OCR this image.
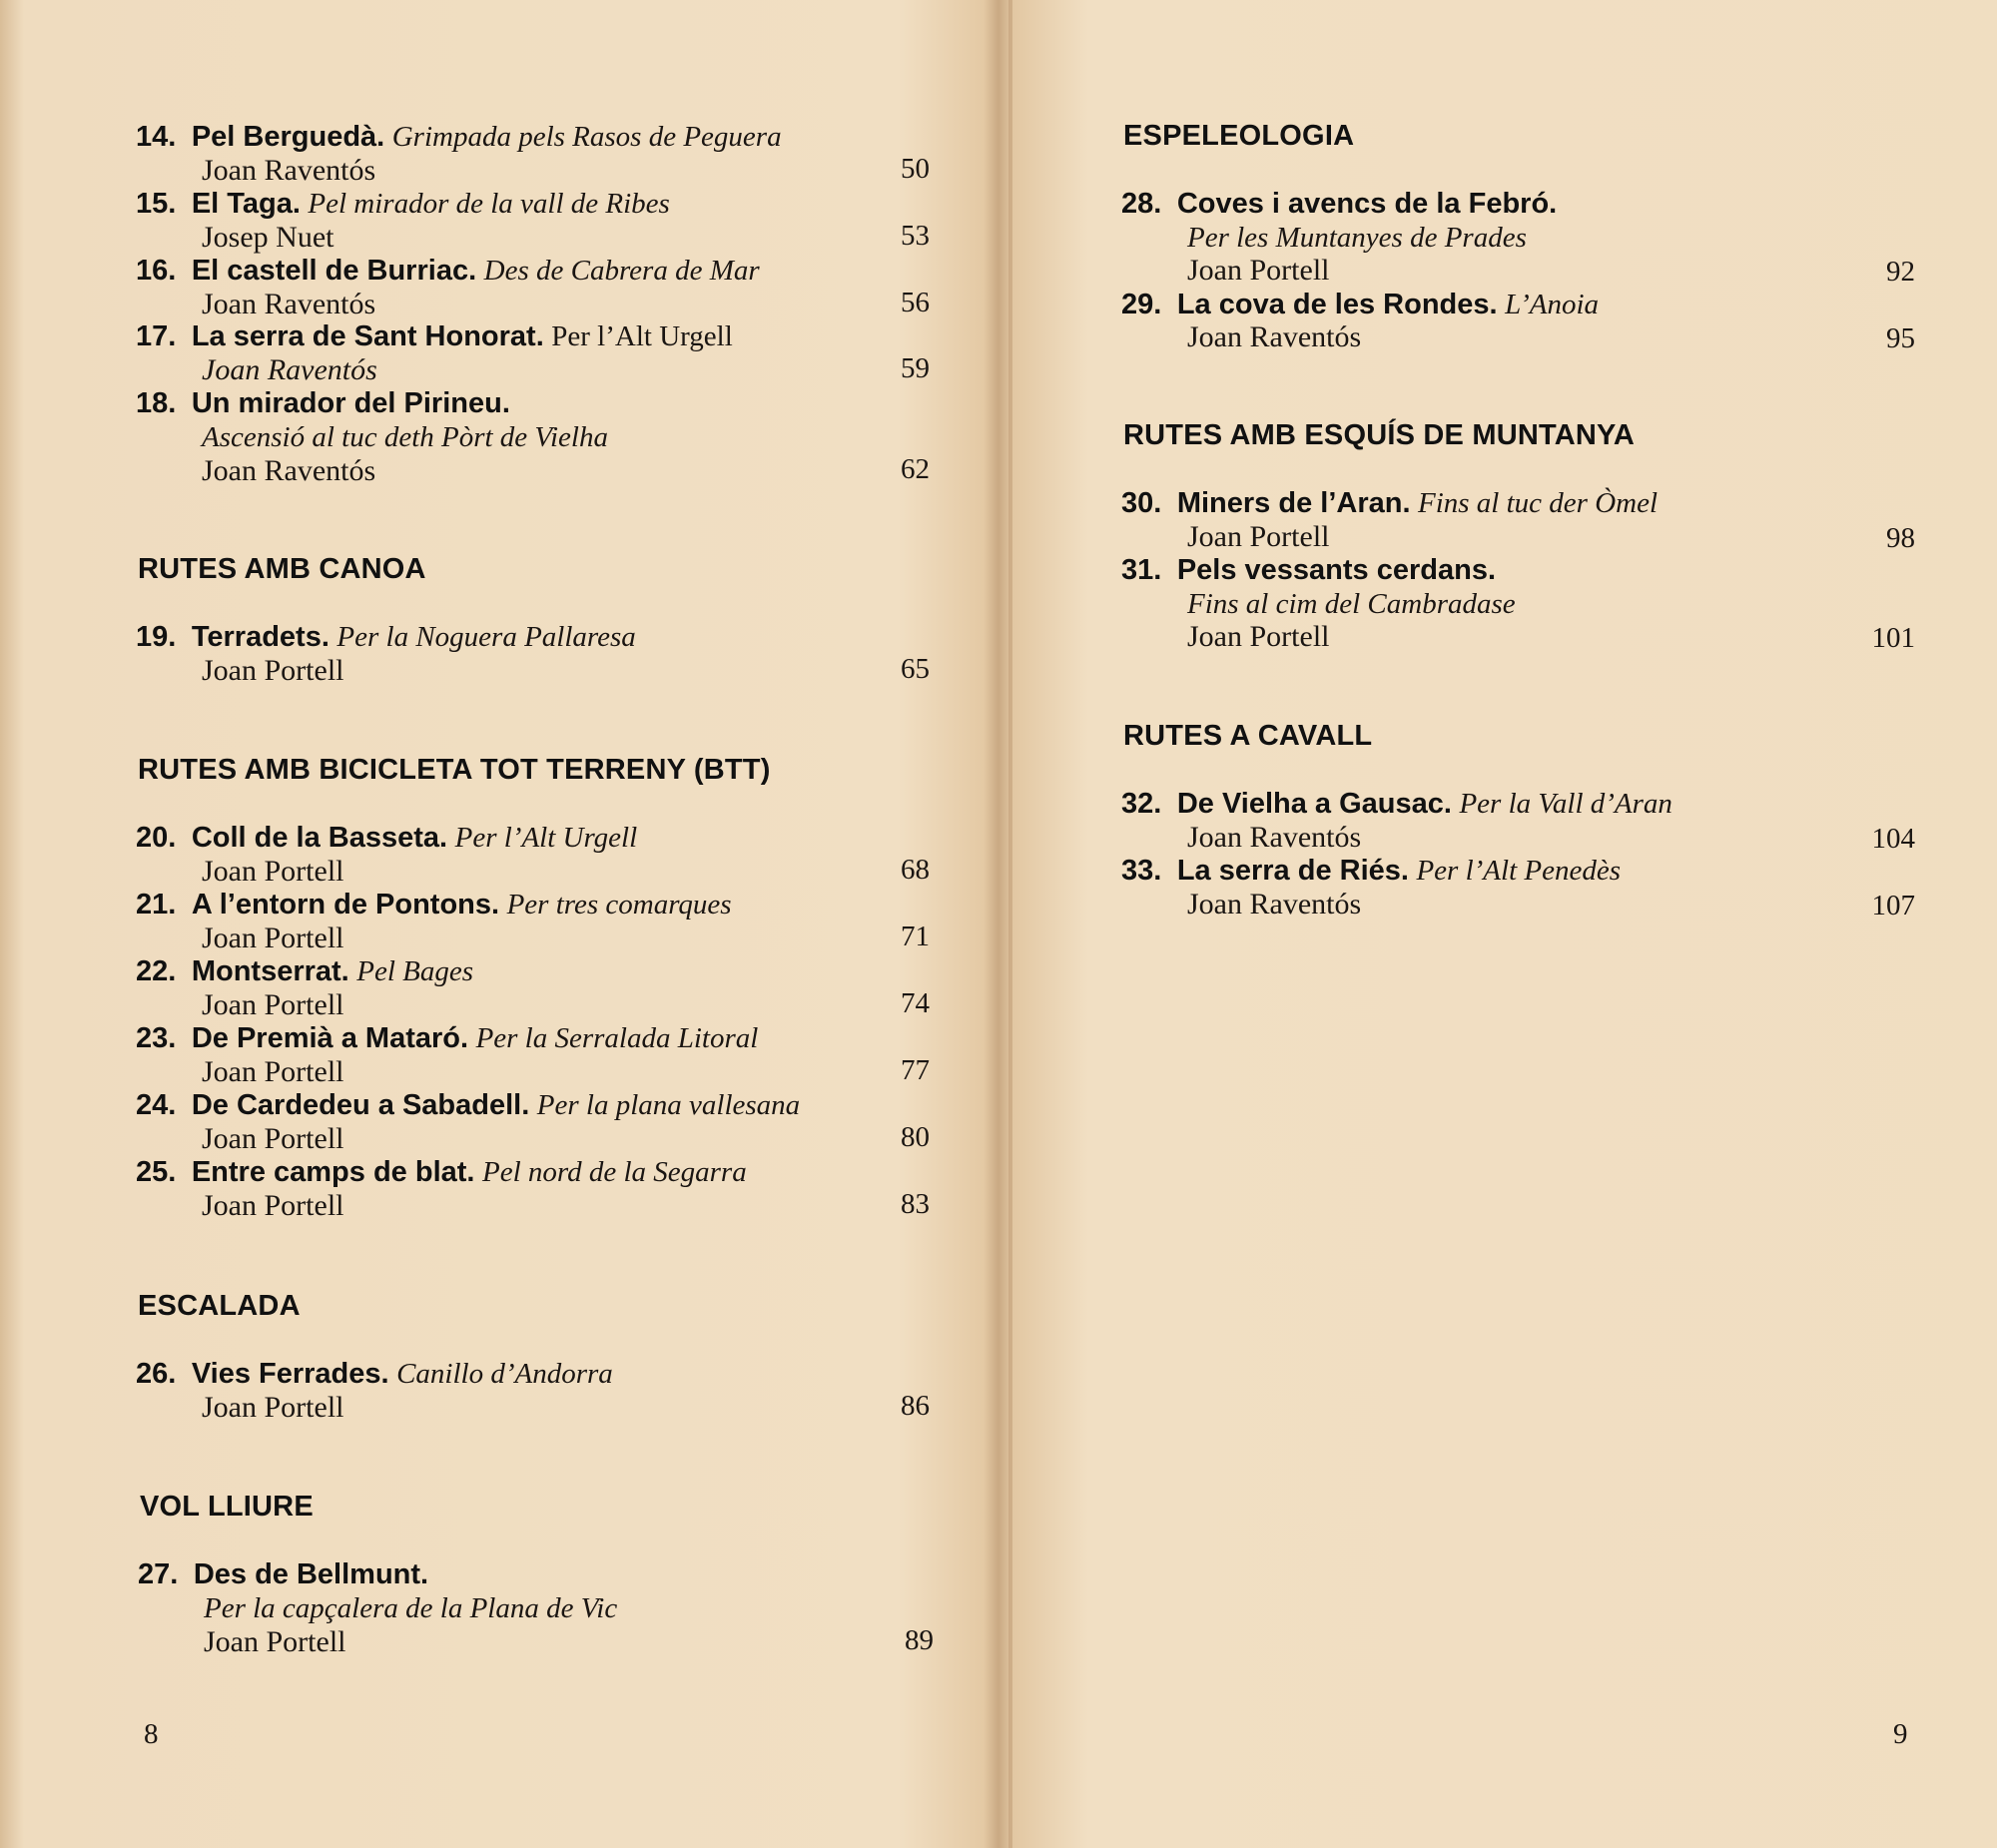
14. Pel Berguedà. Grimpada pels Rasos de Peguera
Joan Raventós	50
15. El Taga. Pel mirador de la vall de Ribes
Josep Nuet	53
16. El castell de Burriac. Des de Cabrera de Mar
Joan Raventós	56
17. La serra de Sant Honorat. Per l’Alt Urgell
Joan Raventós	59
18. Un mirador del Pirineu.
Ascensió al tuc deth Pòrt de Vielha
Joan Raventós	62
RUTES AMB CANOA
19. Terradets. Per la Noguera Pallaresa
Joan Portell	65
RUTES AMB BICICLETA TOT TERRENY (BTT)
20. Coll de la Basseta. Per l’Alt Urgell
Joan Portell	68
21. A l’entorn de Pontons. Per tres comarques
Joan Portell	71
22. Montserrat. Pel Bages
Joan Portell	74
23. De Premià a Mataró. Per la Serralada Litoral
Joan Portell	77
24. De Cardedeu a Sabadell. Per la plana vallesana
Joan Portell	80
25. Entre camps de blat. Pel nord de la Segarra
Joan Portell	83
ESCALADA
26. Vies Ferrades. Canillo d’Andorra
Joan Portell	86
VOL LLIURE
27. Des de Bellmunt.
Per la capçalera de la Plana de Vic
Joan Portell	89
8
ESPELEOLOGIA
28. Coves i avencs de la Febró.
Per les Muntanyes de Prades
Joan Portell	92
29. La cova de les Rondes. L’Anoia
Joan Raventós	95
RUTES AMB ESQUÍS DE MUNTANYA
30. Miners de l’Aran. Fins al tuc der Òmel
Joan Portell	98
31. Pels vessants cerdans.
Fins al cim del Cambradase
Joan Portell	101
RUTES A CAVALL
32. De Vielha a Gausac. Per la Vall d’Aran
Joan Raventós	104
33. La serra de Riés. Per l’Alt Penedès
Joan Raventós	107
9
